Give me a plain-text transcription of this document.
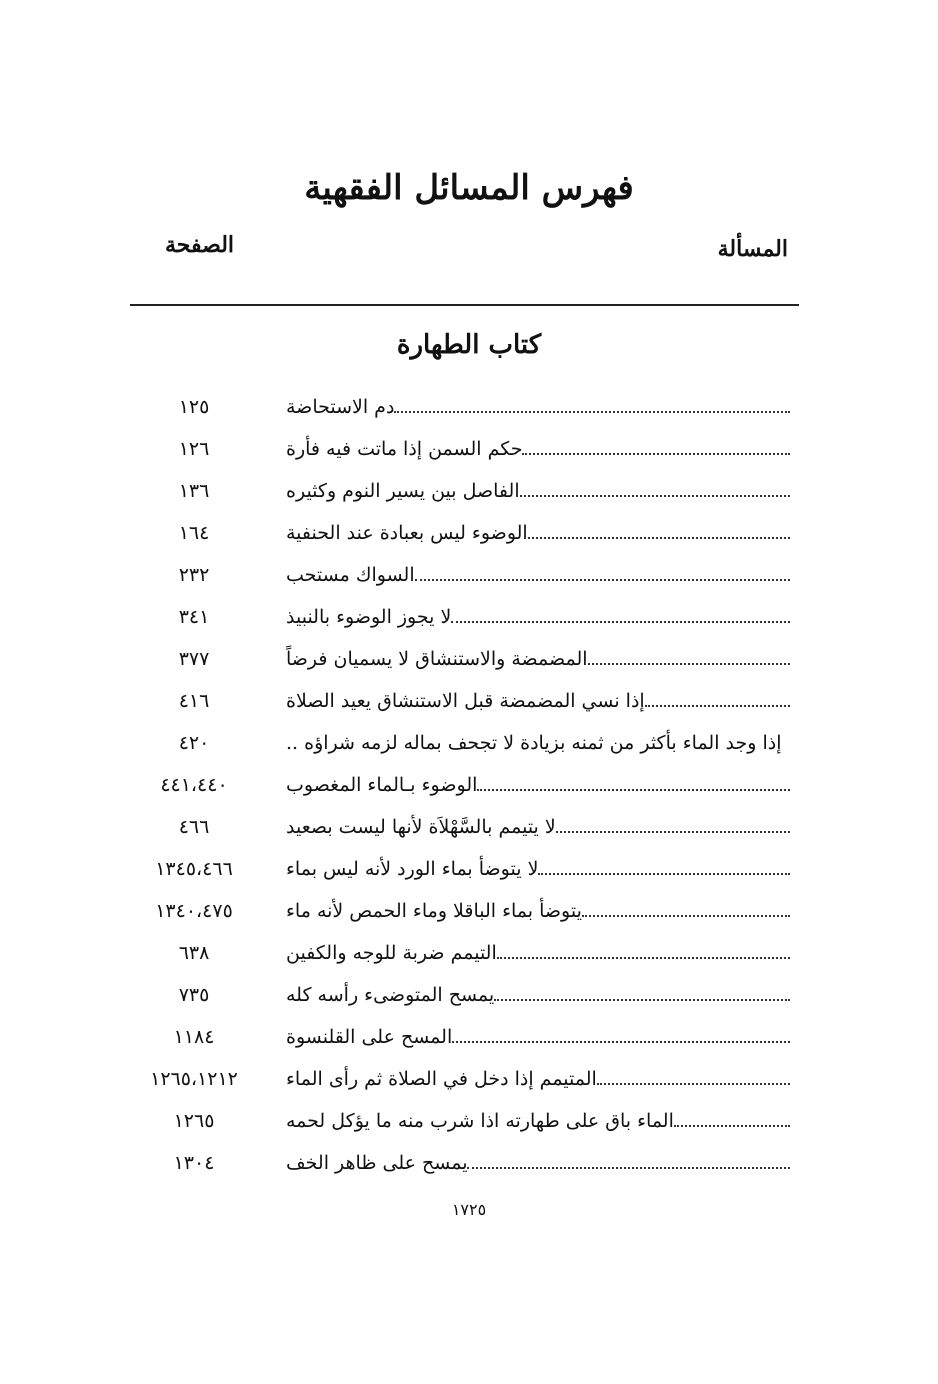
فهرس المسائل الفقهية
المسألة
الصفحة
كتاب الطهارة
دم الاستحاضة
١٢٥
حكم السمن إذا ماتت فيه فأرة
١٢٦
الفاصل بين يسير النوم وكثيره
١٣٦
الوضوء ليس بعبادة عند الحنفية
١٦٤
السواك مستحب
٢٣٢
لا يجوز الوضوء بالنبيذ
٣٤١
المضمضة والاستنشاق لا يسميان فرضاً
٣٧٧
إذا نسي المضمضة قبل الاستنشاق يعيد الصلاة
٤١٦
إذا وجد الماء بأكثر من ثمنه بزيادة لا تجحف بماله لزمه شراؤه ..
٤٢٠
الوضوء بـالماء المغصوب
٤٤١،٤٤٠
لا يتيمم بالسَّهْلاَة لأنها ليست بصعيد
٤٦٦
لا يتوضأ بماء الورد لأنه ليس بماء
١٣٤٥،٤٦٦
يتوضأ بماء الباقلا وماء الحمص لأنه ماء
١٣٤٠،٤٧٥
التيمم ضربة للوجه والكفين
٦٣٨
يمسح المتوضىء رأسه كله
٧٣٥
المسح على القلنسوة
١١٨٤
المتيمم إذا دخل في الصلاة ثم رأى الماء
١٢٦٥،١٢١٢
الماء باق على طهارته اذا شرب منه ما يؤكل لحمه
١٢٦٥
يمسح على ظاهر الخف
١٣٠٤
١٧٢٥
